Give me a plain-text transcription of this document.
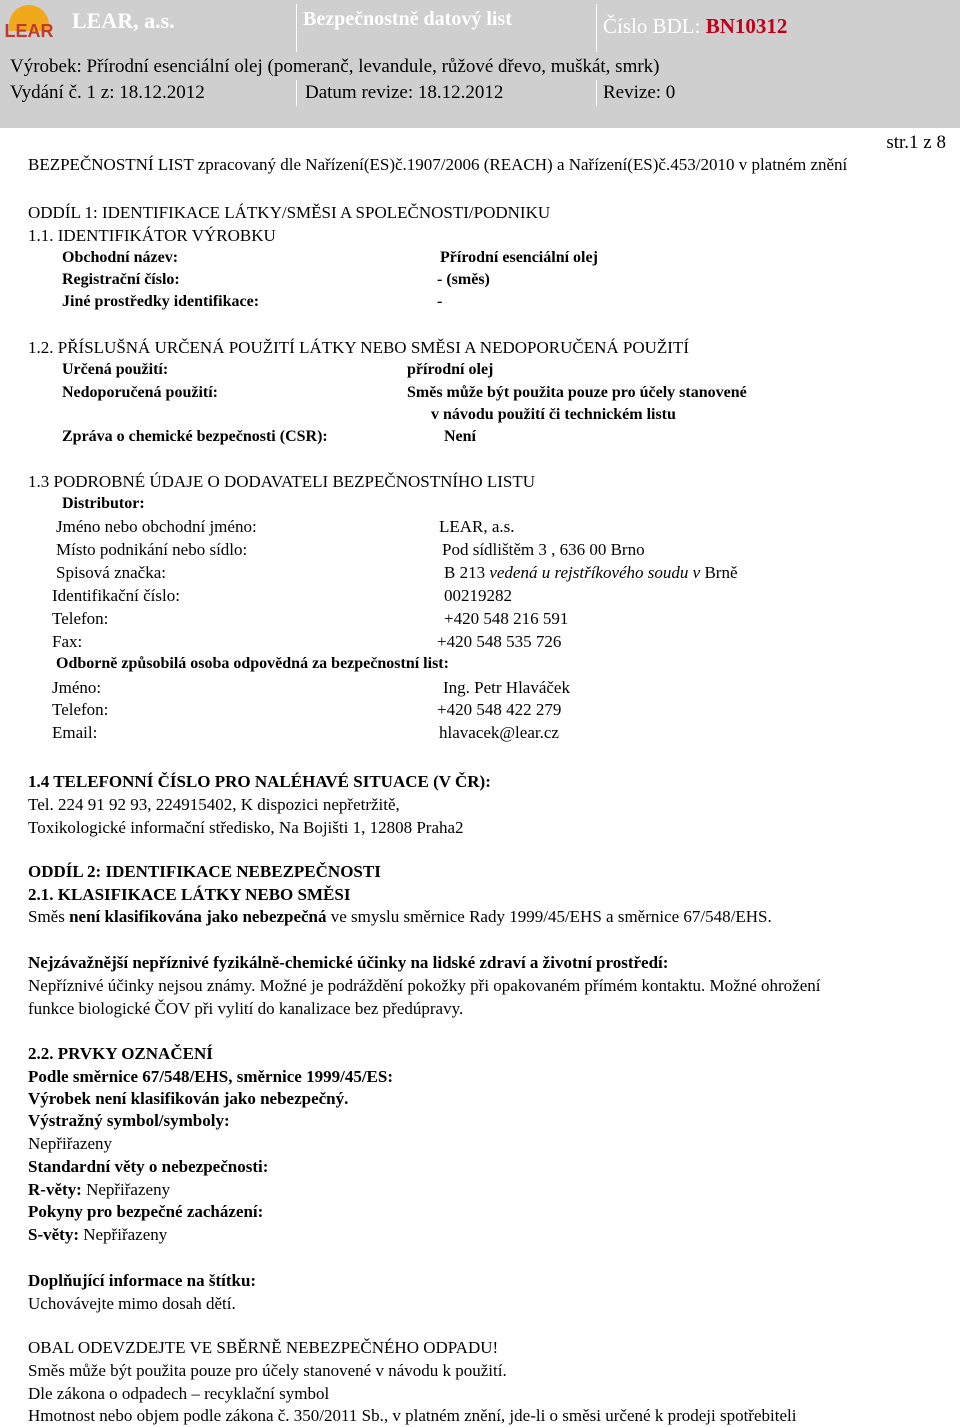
LEAR LEAR, a.s.	Bezpečnostně datový list	Číslo BDL: BN10312
Výrobek: Přírodní esenciální olej (pomeranč, levandule, růžové dřevo, muškát, smrk)
Vydání č. 1 z: 18.12.2012	Datum revize: 18.12.2012	Revize: 0
str.1 z 8
BEZPEČNOSTNÍ LIST zpracovaný dle Nařízení(ES)č.1907/2006 (REACH) a Nařízení(ES)č.453/2010 v platném znění
ODDÍL 1: IDENTIFIKACE LÁTKY/SMĚSI A SPOLEČNOSTI/PODNIKU
1.1. IDENTIFIKÁTOR VÝROBKU
Obchodní název:	Přírodní esenciální olej
Registrační číslo:	- (směs)
Jiné prostředky identifikace:	-
1.2. PŘÍSLUŠNÁ URČENÁ POUŽITÍ LÁTKY NEBO SMĚSI A NEDOPORUČENÁ POUŽITÍ
Určená použití:	přírodní olej
Nedoporučená použití:	Směs může být použita pouze pro účely stanovené
v návodu použití či technickém listu
Zpráva o chemické bezpečnosti (CSR):	Není
1.3 PODROBNÉ ÚDAJE O DODAVATELI BEZPEČNOSTNÍHO LISTU
Distributor:
Jméno nebo obchodní jméno:	LEAR, a.s.
Místo podnikání nebo sídlo:	Pod sídlištěm 3 , 636 00 Brno
Spisová značka:	B 213 vedená u rejstříkového soudu v Brně
Identifikační číslo:	00219282
Telefon:	+420 548 216 591
Fax:	+420 548 535 726
Odborně způsobilá osoba odpovědná za bezpečnostní list:
Jméno:	Ing. Petr Hlaváček
Telefon:	+420 548 422 279
Email:	hlavacek@lear.cz
1.4 TELEFONNÍ ČÍSLO PRO NALÉHAVÉ SITUACE (V ČR):
Tel. 224 91 92 93, 224915402, K dispozici nepřetržitě,
Toxikologické informační středisko, Na Bojišti 1, 12808 Praha2
ODDÍL 2: IDENTIFIKACE NEBEZPEČNOSTI
2.1. KLASIFIKACE LÁTKY NEBO SMĚSI
Směs není klasifikována jako nebezpečná ve smyslu směrnice Rady 1999/45/EHS a směrnice 67/548/EHS.
Nejzávažnější nepříznivé fyzikálně-chemické účinky na lidské zdraví a životní prostředí:
Nepříznivé účinky nejsou známy. Možné je podráždění pokožky při opakovaném přímém kontaktu. Možné ohrožení
funkce biologické ČOV při vylití do kanalizace bez předúpravy.
2.2. PRVKY OZNAČENÍ
Podle směrnice 67/548/EHS, směrnice 1999/45/ES:
Výrobek není klasifikován jako nebezpečný.
Výstražný symbol/symboly:
Nepřiřazeny
Standardní věty o nebezpečnosti:
R-věty: Nepřiřazeny
Pokyny pro bezpečné zacházení:
S-věty: Nepřiřazeny
Doplňující informace na štítku:
Uchovávejte mimo dosah dětí.
OBAL ODEVZDEJTE VE SBĚRNĚ NEBEZPEČNÉHO ODPADU!
Směs může být použita pouze pro účely stanovené v návodu k použití.
Dle zákona o odpadech – recyklační symbol
Hmotnost nebo objem podle zákona č. 350/2011 Sb., v platném znění, jde-li o směsi určené k prodeji spotřebiteli
